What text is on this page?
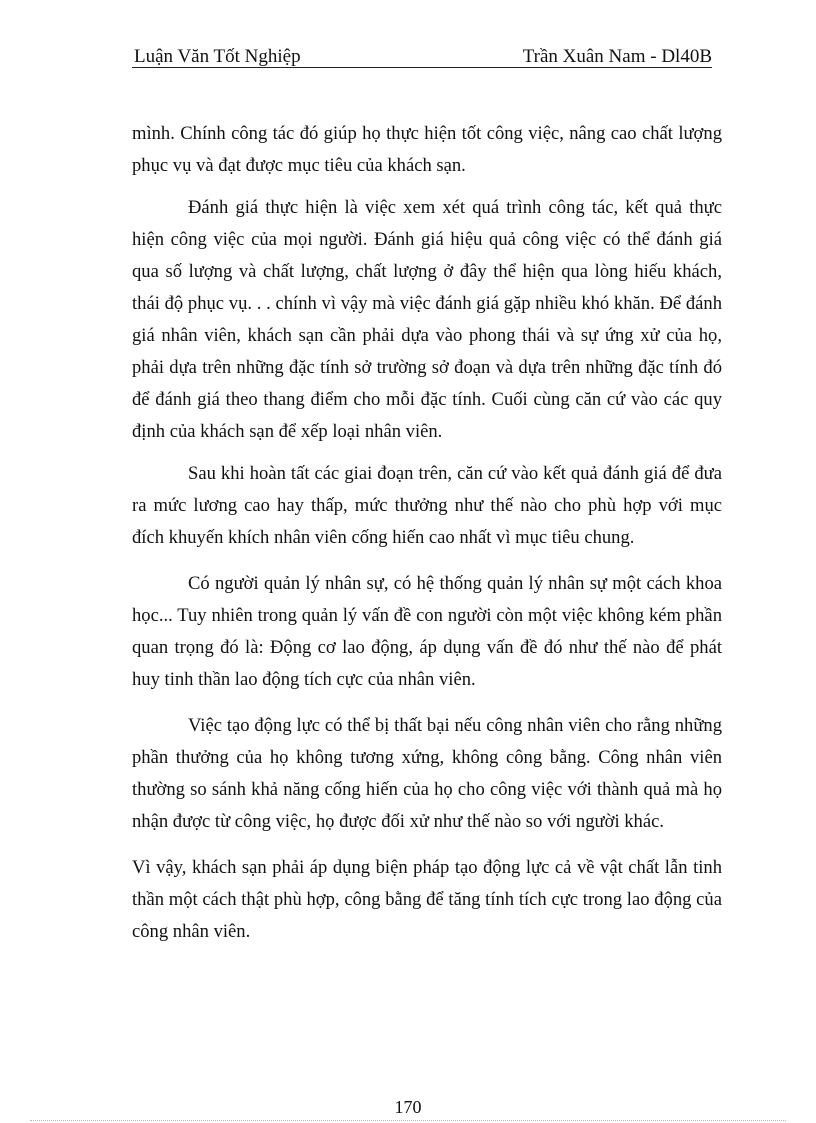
Luận Văn Tốt Nghiệp	Trần Xuân Nam - Dl40B

mình. Chính công tác đó giúp họ thực hiện tốt công việc, nâng cao chất lượng phục vụ và đạt được mục tiêu của khách sạn.

Đánh giá thực hiện là việc xem xét quá trình công tác, kết quả thực hiện công việc của mọi người. Đánh giá hiệu quả công việc có thể đánh giá qua số lượng và chất lượng, chất lượng ở đây thể hiện qua lòng hiếu khách, thái độ phục vụ. . . chính vì vậy mà việc đánh giá gặp nhiều khó khăn. Để đánh giá nhân viên, khách sạn cần phải dựa vào phong thái và sự ứng xử của họ, phải dựa trên những đặc tính sở trường sở đoạn và dựa trên những đặc tính đó để đánh giá theo thang điểm cho mỗi đặc tính. Cuối cùng căn cứ vào các quy định của khách sạn để xếp loại nhân viên.

Sau khi hoàn tất các giai đoạn trên, căn cứ vào kết quả đánh giá để đưa ra mức lương cao hay thấp, mức thưởng như thế nào cho phù hợp với mục đích khuyến khích nhân viên cống hiến cao nhất vì mục tiêu chung.

Có người quản lý nhân sự, có hệ thống quản lý nhân sự một cách khoa học... Tuy nhiên trong quản lý vấn đề con người còn một việc không kém phần quan trọng đó là: Động cơ lao động, áp dụng vấn đề đó như thế nào để phát huy tinh thần lao động tích cực của nhân viên.

Việc tạo động lực có thể bị thất bại nếu công nhân viên cho rằng những phần thưởng của họ không tương xứng, không công bằng. Công nhân viên thường so sánh khả năng cống hiến của họ cho công việc với thành quả mà họ nhận được từ công việc, họ được đối xử như thế nào so với người khác.

Vì vậy, khách sạn phải áp dụng biện pháp tạo động lực cả về vật chất lẫn tinh thần một cách thật phù hợp, công bằng để tăng tính tích cực trong lao động của công nhân viên.

170
